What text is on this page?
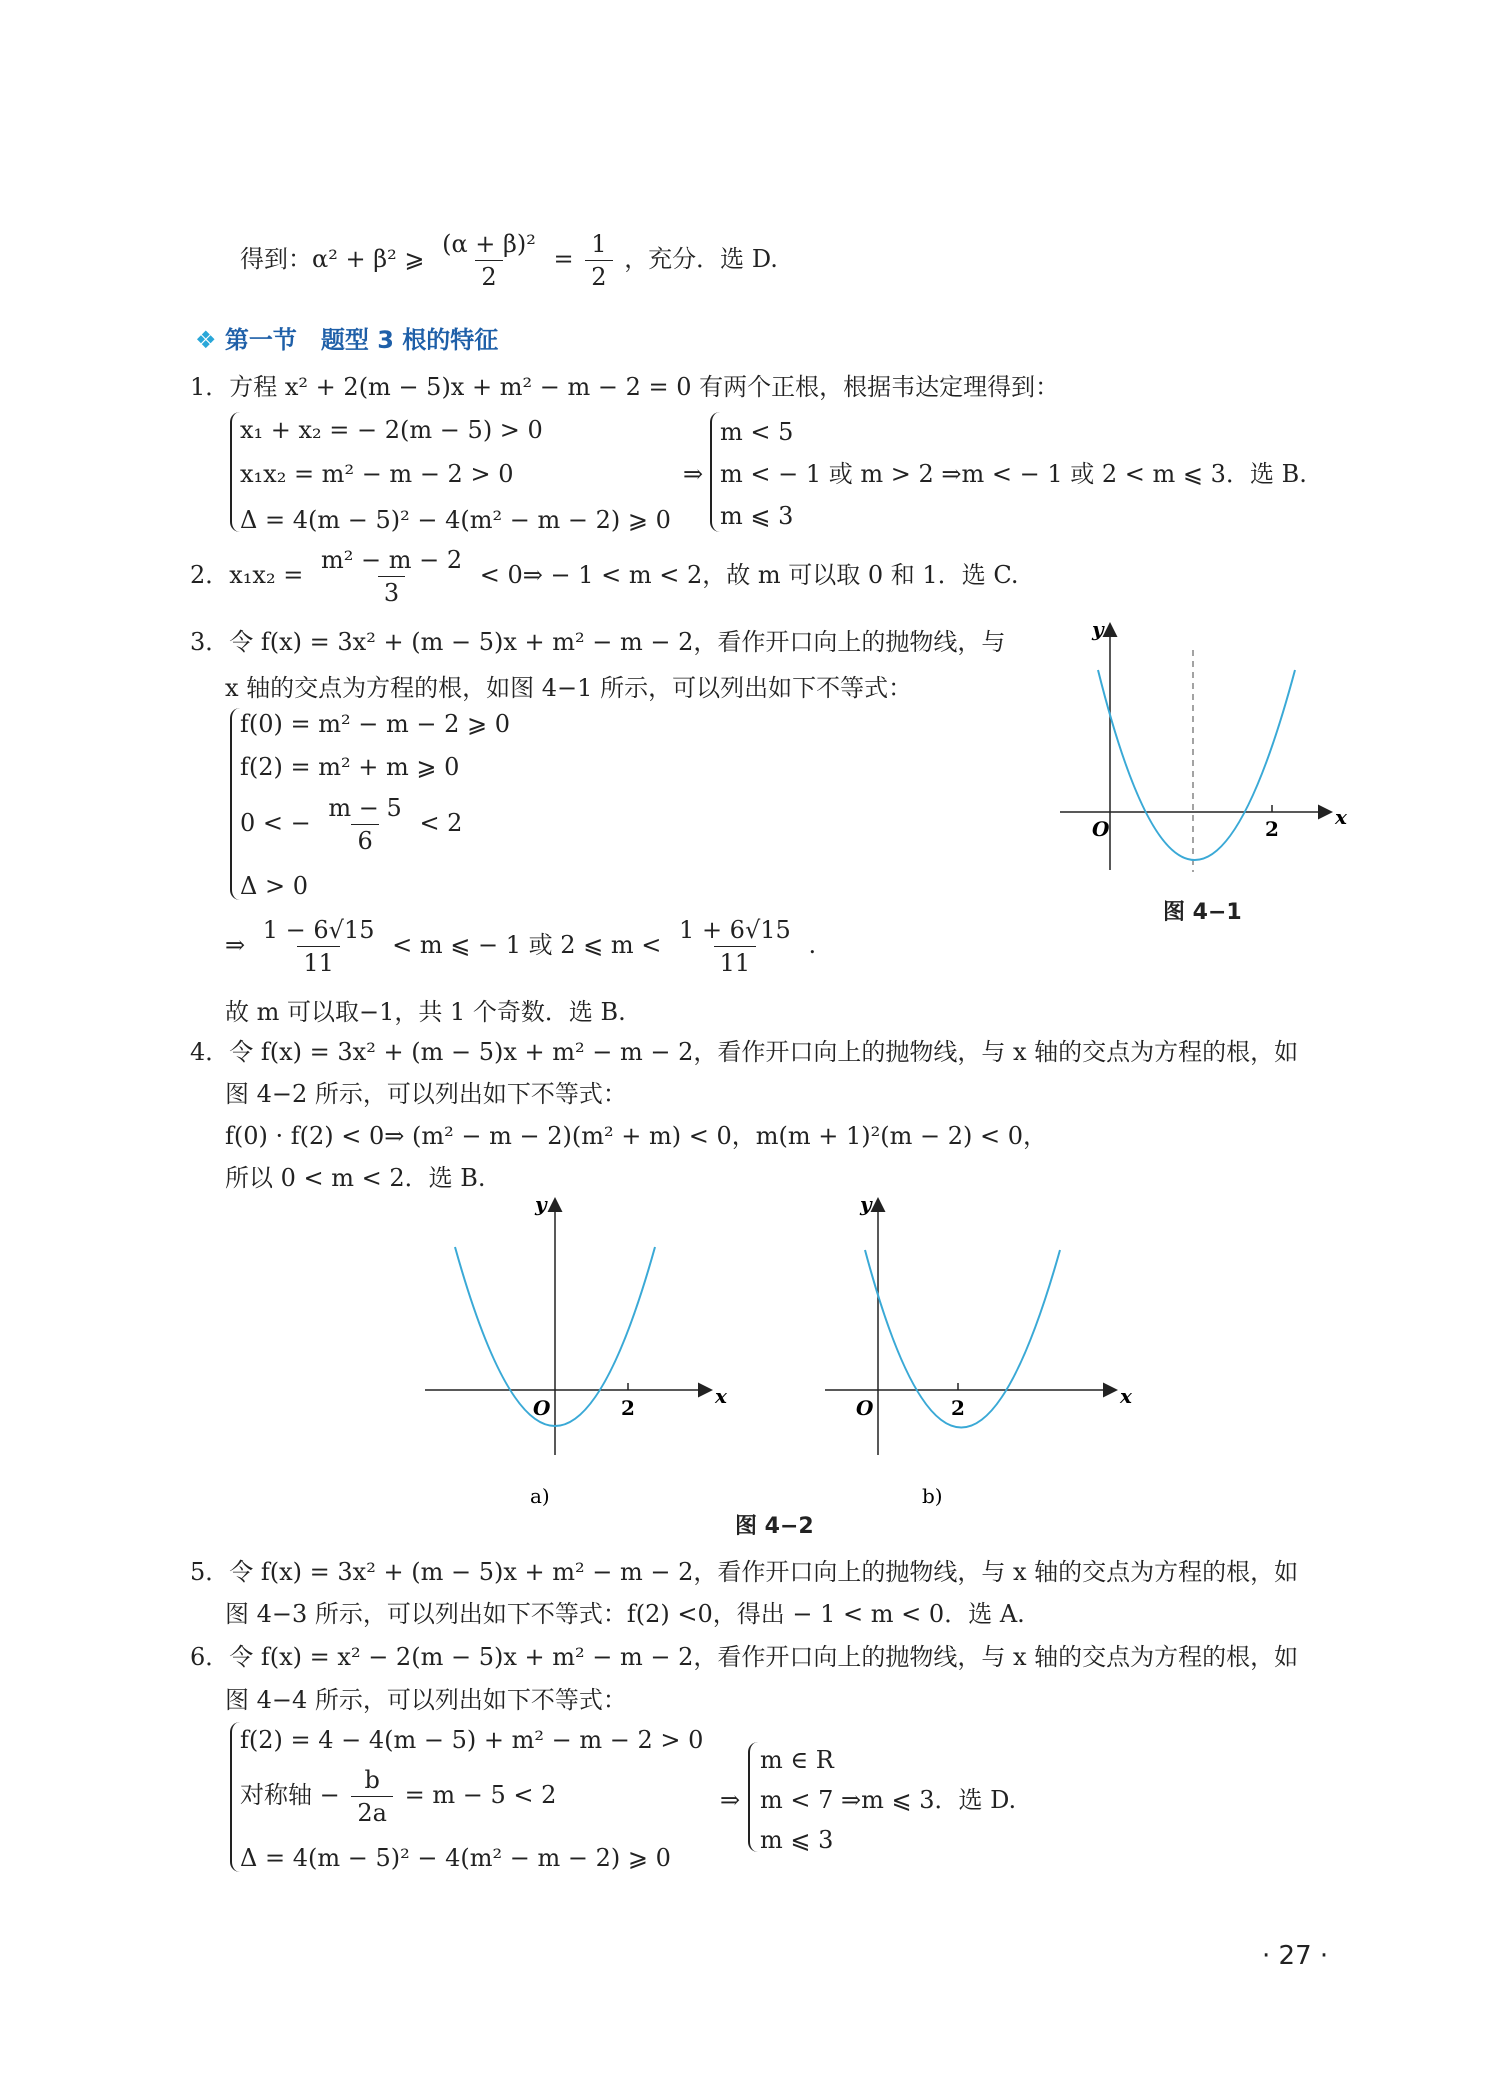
得到：α² + β² ⩾ $\frac{\text{(α + β)²}}{2} = \frac{1}{2}$ ，充分．选 D.
❖ 第一节　题型 3 根的特征
1．方程 x² + 2(m − 5)x + m² − m − 2 = 0 有两个正根，根据韦达定理得到：
x₁ + x₂ = − 2(m − 5) > 0
x₁x₂ = m² − m − 2 > 0
Δ = 4(m − 5)² − 4(m² − m − 2) ⩾ 0
⇒
m < 5
m < − 1 或 m > 2 ⇒m < − 1 或 2 < m ⩽ 3．选 B.
m ⩽ 3
2．$x_1x_2 = \frac{\text{m² − m − 2}}{3}$ < 0⇒ − 1 < m < 2，故 m 可以取 0 和 1．选 C.
3．令 f(x) = 3x² + (m − 5)x + m² − m − 2，看作开口向上的抛物线，与
x 轴的交点为方程的根，如图 4−1 所示，可以列出如下不等式：
f(0) = m² − m − 2 ⩾ 0
f(2) = m² + m ⩾ 0
0 < − $\frac{m - 5}{6} < 2$
Δ > 0
⇒ $\frac{1 - 6√15}{11} < m$ ⩽ − 1 或 2 ⩽ $m < \frac{1 + 6√15}{11}$ .
故 m 可以取−1，共 1 个奇数．选 B.
y
x
O	2
图 4−1
4．令 f(x) = 3x² + (m − 5)x + m² − m − 2，看作开口向上的抛物线，与 x 轴的交点为方程的根，如
图 4−2 所示，可以列出如下不等式：
f(0) · f(2) < 0⇒ (m² − m − 2)(m² + m) < 0，m(m + 1)²(m − 2) < 0，
所以 0 < m < 2．选 B.
y
x
O	2
a)
y
x
O	2
b)
图 4−2
5．令 f(x) = 3x² + (m − 5)x + m² − m − 2，看作开口向上的抛物线，与 x 轴的交点为方程的根，如
图 4−3 所示，可以列出如下不等式：f(2) <0，得出 − 1 < m < 0．选 A.
6．令 f(x) = x² − 2(m − 5)x + m² − m − 2，看作开口向上的抛物线，与 x 轴的交点为方程的根，如
图 4−4 所示，可以列出如下不等式：
f(2) = 4 − 4(m − 5) + m² − m − 2 > 0
对称轴 − $\frac{b}{2a} = m - 5 < 2$
Δ = 4(m − 5)² − 4(m² − m − 2) ⩾ 0
⇒
m ∈ R
m < 7 ⇒m ⩽ 3．选 D.
m ⩽ 3
· 27 ·
